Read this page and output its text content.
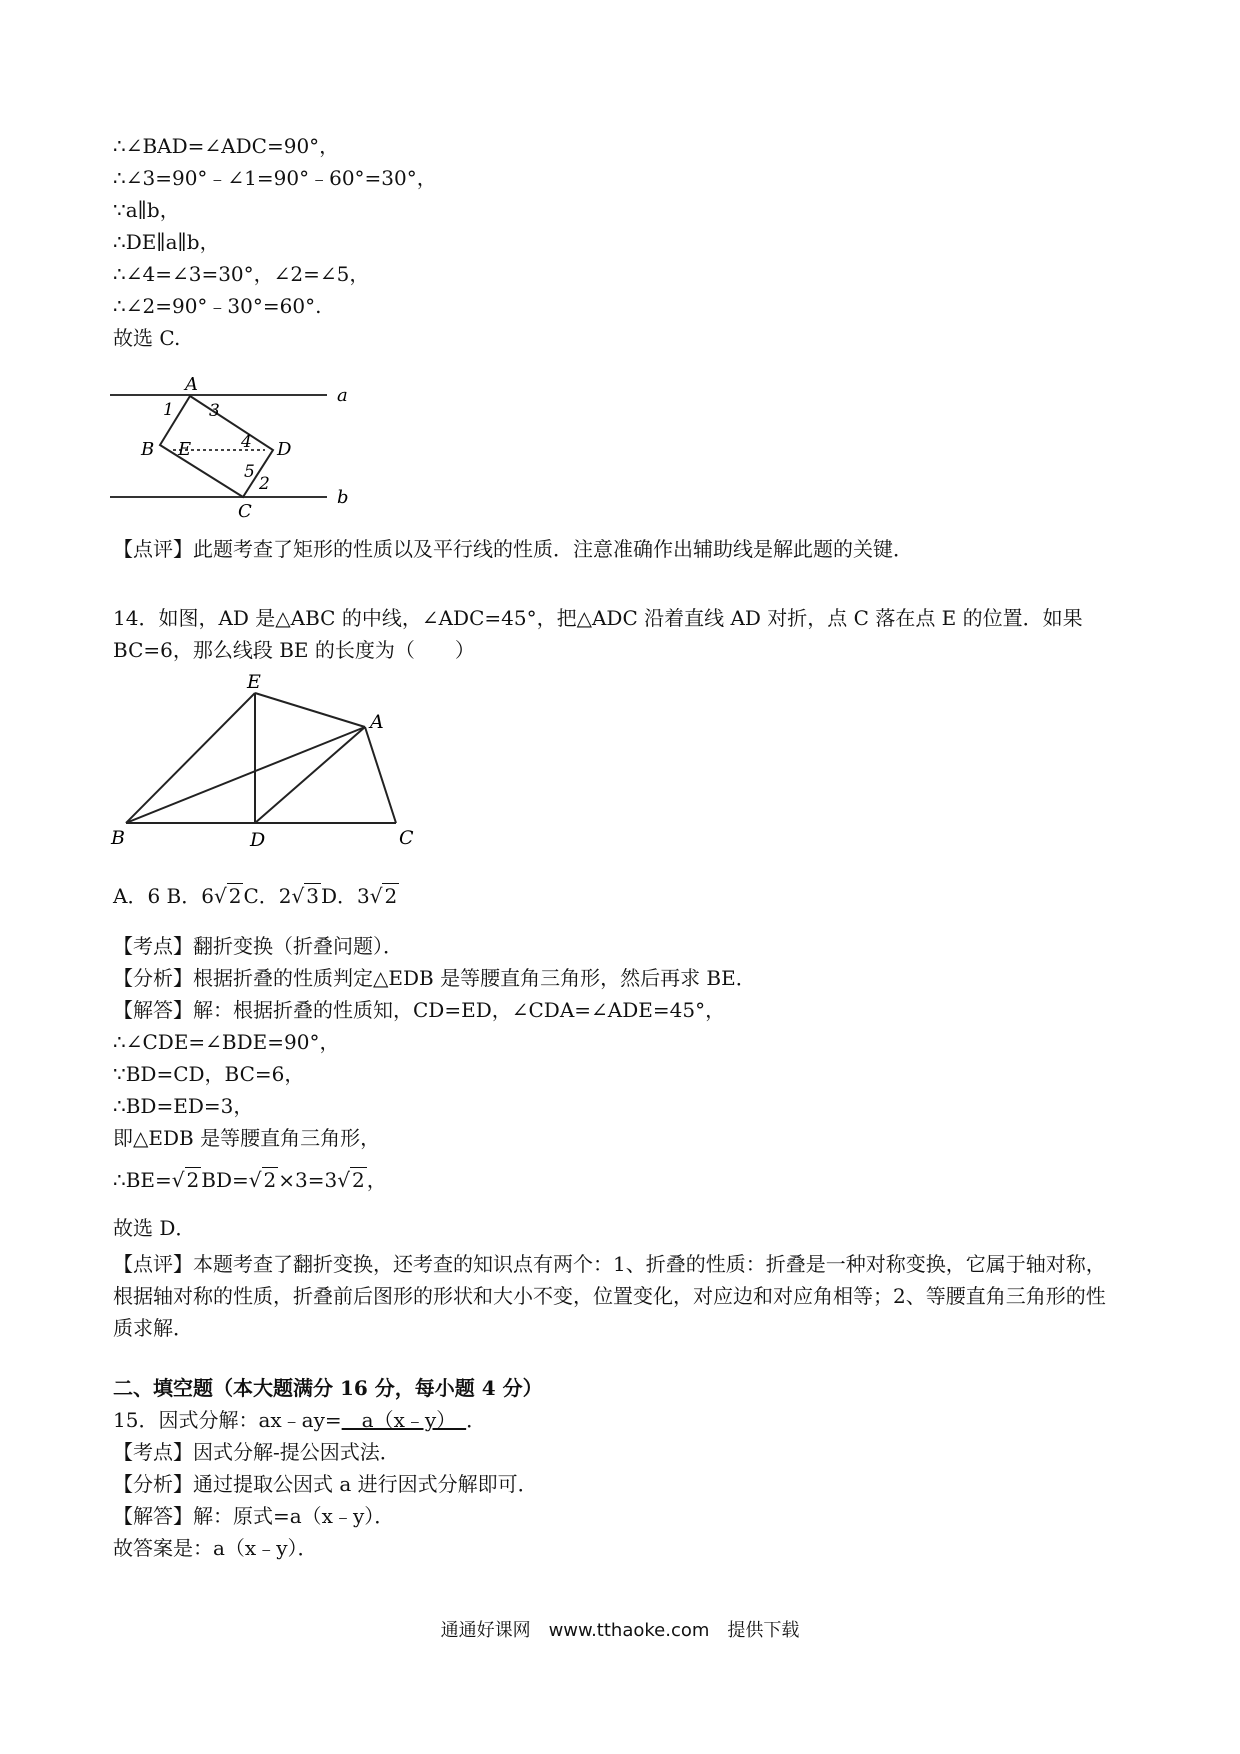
∴∠BAD=∠ADC=90°，
∴∠3=90°﹣∠1=90°﹣60°=30°，
∵a∥b，
∴DE∥a∥b，
∴∠4=∠3=30°，∠2=∠5，
∴∠2=90°﹣30°=60°.
故选 C.
A
a
b
B E	D
C
1 3
4
5
2
【点评】此题考查了矩形的性质以及平行线的性质．注意准确作出辅助线是解此题的关键．
14．如图，AD 是△ABC 的中线，∠ADC=45°，把△ADC 沿着直线 AD 对折，点 C 落在点 E 的位置．如果
BC=6，那么线段 BE 的长度为（　　）
E
A
B	D	C
A．6 B．6√ 2 C．2√ 3 D．3√ 2
【考点】翻折变换（折叠问题）．
【分析】根据折叠的性质判定△EDB 是等腰直角三角形，然后再求 BE．
【解答】解：根据折叠的性质知，CD=ED，∠CDA=∠ADE=45°，
∴∠CDE=∠BDE=90°，
∵BD=CD，BC=6，
∴BD=ED=3，
即△EDB 是等腰直角三角形，
∴BE=√ 2 BD=√ 2 ×3=3√ 2 ，
故选 D．
【点评】本题考查了翻折变换，还考查的知识点有两个：1、折叠的性质：折叠是一种对称变换，它属于轴对称，根据轴对称的性质，折叠前后图形的形状和大小不变，位置变化，对应边和对应角相等；2、等腰直角三角形的性质求解．
二、填空题（本大题满分 16 分，每小题 4 分）
15．因式分解：ax﹣ay=　a（x﹣y）　．
【考点】因式分解-提公因式法．
【分析】通过提取公因式 a 进行因式分解即可．
【解答】解：原式=a（x﹣y）．
故答案是：a（x﹣y）．
通通好课网　www.tthaoke.com　提供下载
